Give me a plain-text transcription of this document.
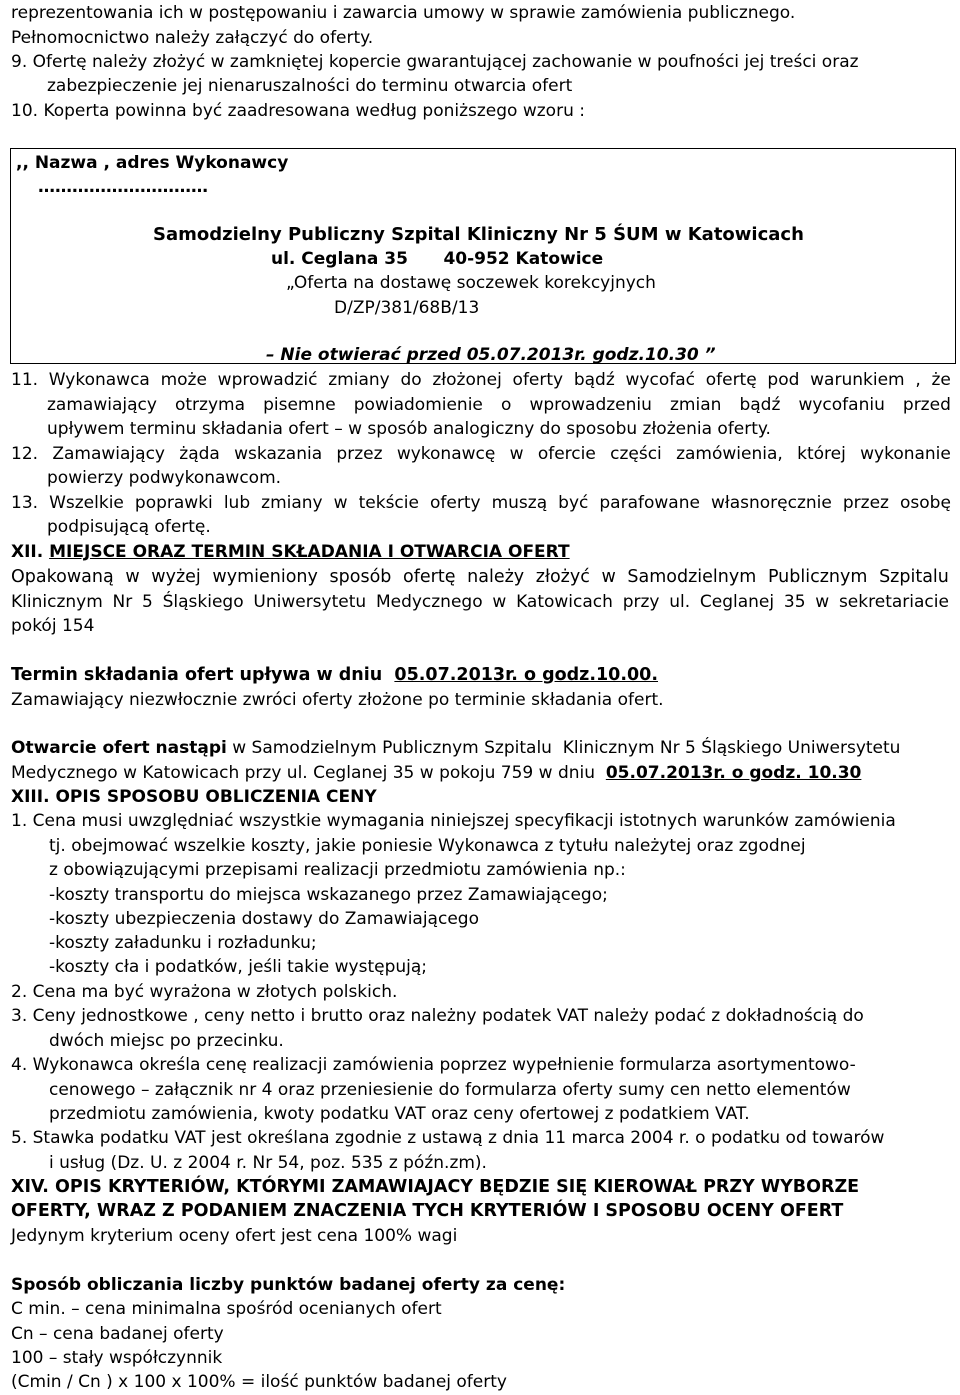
reprezentowania ich w postępowaniu i zawarcia umowy w sprawie zamówienia publicznego.
Pełnomocnictwo należy załączyć do oferty.
9. Ofertę należy złożyć w zamkniętej kopercie gwarantującej zachowanie w poufności jej treści oraz
zabezpieczenie jej nienaruszalności do terminu otwarcia ofert
10. Koperta powinna być zaadresowana według poniższego wzoru :
,, Nazwa , adres Wykonawcy
…………………………
Samodzielny Publiczny Szpital Kliniczny Nr 5 ŚUM w Katowicach
ul. Ceglana 35      40-952 Katowice
„Oferta na dostawę soczewek korekcyjnych
D/ZP/381/68B/13
– Nie otwierać przed 05.07.2013r. godz.10.30 ”
11. Wykonawca może wprowadzić zmiany do złożonej oferty bądź wycofać ofertę pod warunkiem , że
zamawiający otrzyma pisemne powiadomienie o wprowadzeniu zmian bądź wycofaniu przed
upływem terminu składania ofert – w sposób analogiczny do sposobu złożenia oferty.
12. Zamawiający żąda wskazania przez wykonawcę w ofercie części zamówienia, której wykonanie
powierzy podwykonawcom.
13. Wszelkie poprawki lub zmiany w tekście oferty muszą być parafowane własnoręcznie przez osobę
podpisującą ofertę.
XII. MIEJSCE ORAZ TERMIN SKŁADANIA I OTWARCIA OFERT
Opakowaną w wyżej wymieniony sposób ofertę należy złożyć w Samodzielnym Publicznym Szpitalu
Klinicznym Nr 5 Śląskiego Uniwersytetu Medycznego w Katowicach przy ul. Ceglanej 35 w sekretariacie
pokój 154
Termin składania ofert upływa w dniu  05.07.2013r. o godz.10.00.
Zamawiający niezwłocznie zwróci oferty złożone po terminie składania ofert.
Otwarcie ofert nastąpi w Samodzielnym Publicznym Szpitalu  Klinicznym Nr 5 Śląskiego Uniwersytetu
Medycznego w Katowicach przy ul. Ceglanej 35 w pokoju 759 w dniu  05.07.2013r. o godz. 10.30
XIII. OPIS SPOSOBU OBLICZENIA CENY
1. Cena musi uwzględniać wszystkie wymagania niniejszej specyfikacji istotnych warunków zamówienia
tj. obejmować wszelkie koszty, jakie poniesie Wykonawca z tytułu należytej oraz zgodnej
z obowiązującymi przepisami realizacji przedmiotu zamówienia np.:
-koszty transportu do miejsca wskazanego przez Zamawiającego;
-koszty ubezpieczenia dostawy do Zamawiającego
-koszty załadunku i rozładunku;
-koszty cła i podatków, jeśli takie występują;
2. Cena ma być wyrażona w złotych polskich.
3. Ceny jednostkowe , ceny netto i brutto oraz należny podatek VAT należy podać z dokładnością do
dwóch miejsc po przecinku.
4. Wykonawca określa cenę realizacji zamówienia poprzez wypełnienie formularza asortymentowo-
cenowego – załącznik nr 4 oraz przeniesienie do formularza oferty sumy cen netto elementów
przedmiotu zamówienia, kwoty podatku VAT oraz ceny ofertowej z podatkiem VAT.
5. Stawka podatku VAT jest określana zgodnie z ustawą z dnia 11 marca 2004 r. o podatku od towarów
i usług (Dz. U. z 2004 r. Nr 54, poz. 535 z późn.zm).
XIV. OPIS KRYTERIÓW, KTÓRYMI ZAMAWIAJACY BĘDZIE SIĘ KIEROWAŁ PRZY WYBORZE
OFERTY, WRAZ Z PODANIEM ZNACZENIA TYCH KRYTERIÓW I SPOSOBU OCENY OFERT
Jedynym kryterium oceny ofert jest cena 100% wagi
Sposób obliczania liczby punktów badanej oferty za cenę:
C min. – cena minimalna spośród ocenianych ofert
Cn – cena badanej oferty
100 – stały współczynnik
(Cmin / Cn ) x 100 x 100% = ilość punktów badanej oferty
